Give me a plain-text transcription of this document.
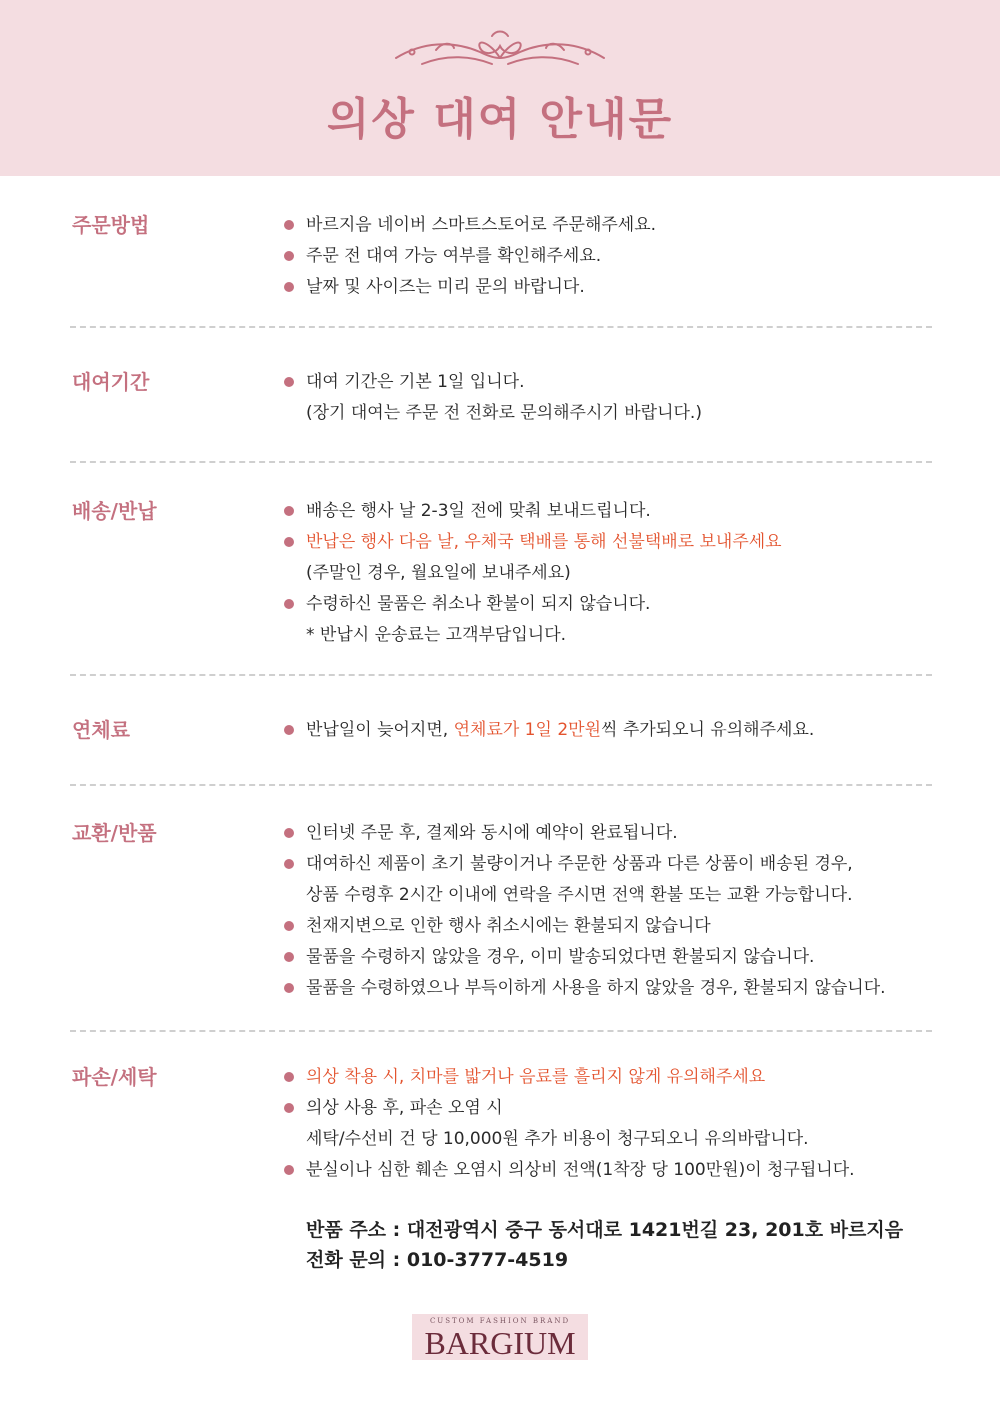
의상 대여 안내문
주문방법	바르지음 네이버 스마트스토어로 주문해주세요.
주문 전 대여 가능 여부를 확인해주세요.
날짜 및 사이즈는 미리 문의 바랍니다.
대여기간	대여 기간은 기본 1일 입니다.
(장기 대여는 주문 전 전화로 문의해주시기 바랍니다.)
배송/반납	배송은 행사 날 2-3일 전에 맞춰 보내드립니다.
반납은 행사 다음 날, 우체국 택배를 통해 선불택배로 보내주세요
(주말인 경우, 월요일에 보내주세요)
수령하신 물품은 취소나 환불이 되지 않습니다.
* 반납시 운송료는 고객부담입니다.
연체료	반납일이 늦어지면, 연체료가 1일 2만원씩 추가되오니 유의해주세요.
교환/반품	인터넷 주문 후, 결제와 동시에 예약이 완료됩니다.
대여하신 제품이 초기 불량이거나 주문한 상품과 다른 상품이 배송된 경우,
상품 수령후 2시간 이내에 연락을 주시면 전액 환불 또는 교환 가능합니다.
천재지변으로 인한 행사 취소시에는 환불되지 않습니다
물품을 수령하지 않았을 경우, 이미 발송되었다면 환불되지 않습니다.
물품을 수령하였으나 부득이하게 사용을 하지 않았을 경우, 환불되지 않습니다.
파손/세탁	의상 착용 시, 치마를 밟거나 음료를 흘리지 않게 유의해주세요
의상 사용 후, 파손 오염 시
세탁/수선비 건 당 10,000원 추가 비용이 청구되오니 유의바랍니다.
분실이나 심한 훼손 오염시 의상비 전액(1착장 당 100만원)이 청구됩니다.
반품 주소 : 대전광역시 중구 동서대로 1421번길 23, 201호 바르지음
전화 문의 : 010-3777-4519
CUSTOM FASHION BRAND
BARGIUM
